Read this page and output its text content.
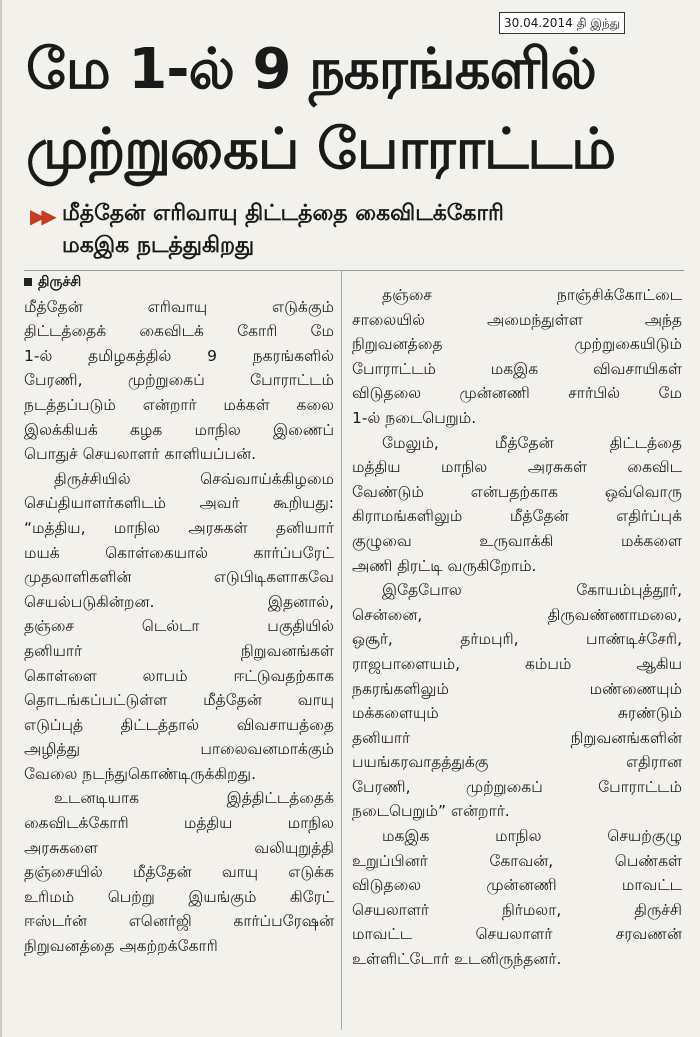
30.04.2014 தி இந்து
மே 1-ல் 9 நகரங்களில்
முற்றுகைப் போராட்டம்
▶▶ மீத்தேன் எரிவாயு திட்டத்தை கைவிடக்கோரி
மகஇக நடத்துகிறது
திருச்சி
மீத்தேன் எரிவாயு எடுக்கும்
திட்டத்தைக் கைவிடக் கோரி மே
1-ல் தமிழகத்தில் 9 நகரங்களில்
பேரணி, முற்றுகைப் போராட்டம்
நடத்தப்படும் என்றார் மக்கள் கலை
இலக்கியக் கழக மாநில இணைப்
பொதுச் செயலாளர் காளியப்பன்.
திருச்சியில் செவ்வாய்க்கிழமை
செய்தியாளர்களிடம் அவர் கூறியது:
“மத்திய, மாநில அரசுகள் தனியார்
மயக் கொள்கையால் கார்ப்பரேட்
முதலாளிகளின் எடுபிடிகளாகவே
செயல்படுகின்றன. இதனால்,
தஞ்சை டெல்டா பகுதியில்
தனியார் நிறுவனங்கள்
கொள்ளை லாபம் ஈட்டுவதற்காக
தொடங்கப்பட்டுள்ள மீத்தேன் வாயு
எடுப்புத் திட்டத்தால் விவசாயத்தை
அழித்து பாலைவனமாக்கும்
வேலை நடந்துகொண்டிருக்கிறது.
உடனடியாக இத்திட்டத்தைக்
கைவிடக்கோரி மத்திய மாநில
அரசுகளை வலியுறுத்தி
தஞ்சையில் மீத்தேன் வாயு எடுக்க
உரிமம் பெற்று இயங்கும் கிரேட்
ஈஸ்டர்ன் எனெர்ஜி கார்ப்பரேஷன்
நிறுவனத்தை அகற்றக்கோரி
தஞ்சை நாஞ்சிக்கோட்டை
சாலையில் அமைந்துள்ள அந்த
நிறுவனத்தை முற்றுகையிடும்
போராட்டம் மகஇக விவசாயிகள்
விடுதலை முன்னணி சார்பில் மே
1-ல் நடைபெறும்.
மேலும், மீத்தேன் திட்டத்தை
மத்திய மாநில அரசுகள் கைவிட
வேண்டும் என்பதற்காக ஒவ்வொரு
கிராமங்களிலும் மீத்தேன் எதிர்ப்புக்
குழுவை உருவாக்கி மக்களை
அணி திரட்டி வருகிறோம்.
இதேபோல கோயம்புத்தூர்,
சென்னை, திருவண்ணாமலை,
ஒசூர், தர்மபுரி, பாண்டிச்சேரி,
ராஜபாளையம், கம்பம் ஆகிய
நகரங்களிலும் மண்ணையும்
மக்களையும் சுரண்டும்
தனியார் நிறுவனங்களின்
பயங்கரவாதத்துக்கு எதிரான
பேரணி, முற்றுகைப் போராட்டம்
நடைபெறும்” என்றார்.
மகஇக மாநில செயற்குழு
உறுப்பினர் கோவன், பெண்கள்
விடுதலை முன்னணி மாவட்ட
செயலாளர் நிர்மலா, திருச்சி
மாவட்ட செயலாளர் சரவணன்
உள்ளிட்டோர் உடனிருந்தனர்.
